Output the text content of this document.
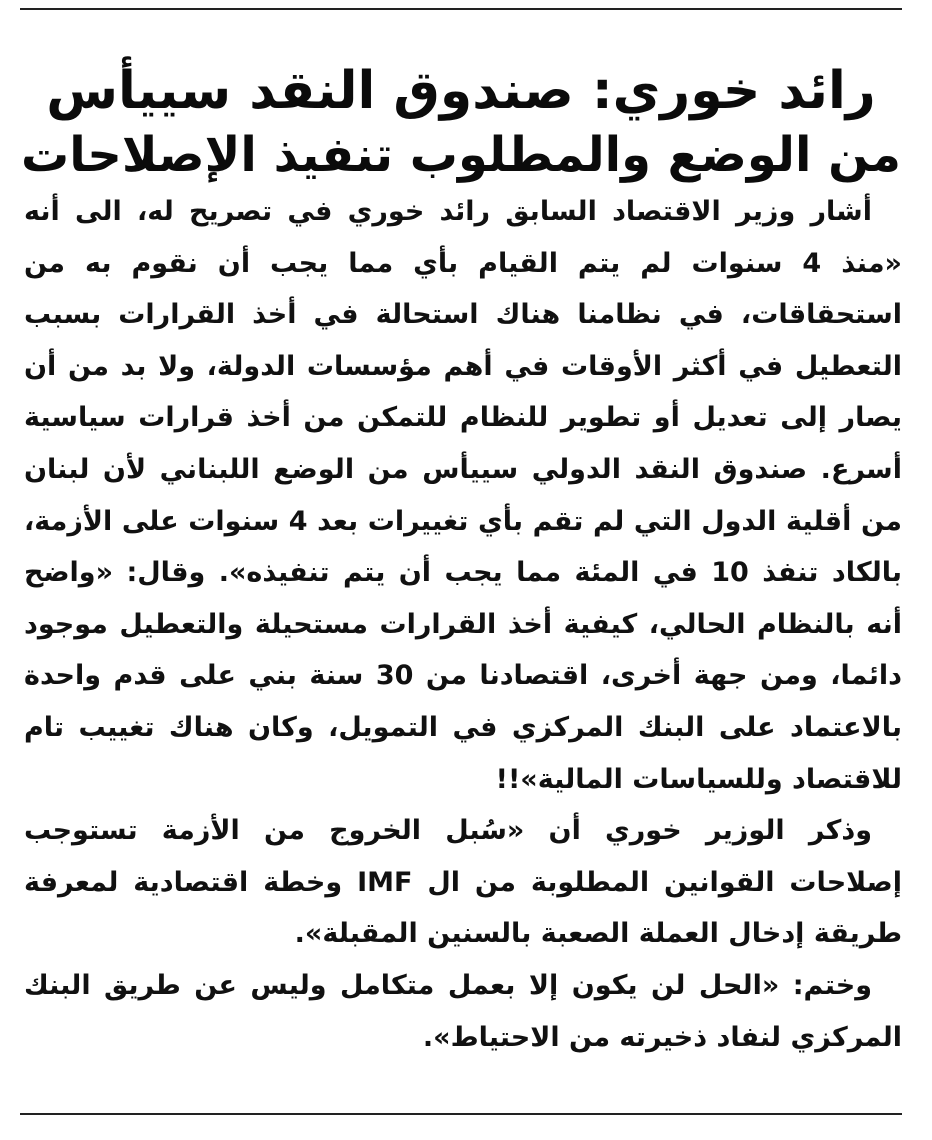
رائد خوري: صندوق النقد سييأس
من الوضع والمطلوب تنفيذ الإصلاحات

أشار وزير الاقتصاد السابق رائد خوري في تصريح له، الى أنه «منذ 4 سنوات لم يتم القيام بأي مما يجب أن نقوم به من استحقاقات، في نظامنا هناك استحالة في أخذ القرارات بسبب التعطيل في أكثر الأوقات في أهم مؤسسات الدولة، ولا بد من أن يصار إلى تعديل أو تطوير للنظام للتمكن من أخذ قرارات سياسية أسرع. صندوق النقد الدولي سييأس من الوضع اللبناني لأن لبنان من أقلية الدول التي لم تقم بأي تغييرات بعد 4 سنوات على الأزمة، بالكاد تنفذ 10 في المئة مما يجب أن يتم تنفيذه». وقال: «واضح أنه بالنظام الحالي، كيفية أخذ القرارات مستحيلة والتعطيل موجود دائما، ومن جهة أخرى، اقتصادنا من 30 سنة بني على قدم واحدة بالاعتماد على البنك المركزي في التمويل، وكان هناك تغييب تام للاقتصاد وللسياسات المالية»!!

وذكر الوزير خوري أن «سُبل الخروج من الأزمة تستوجب إصلاحات القوانين المطلوبة من ال IMF وخطة اقتصادية لمعرفة طريقة إدخال العملة الصعبة بالسنين المقبلة».

وختم: «الحل لن يكون إلا بعمل متكامل وليس عن طريق البنك المركزي لنفاد ذخيرته من الاحتياط».
